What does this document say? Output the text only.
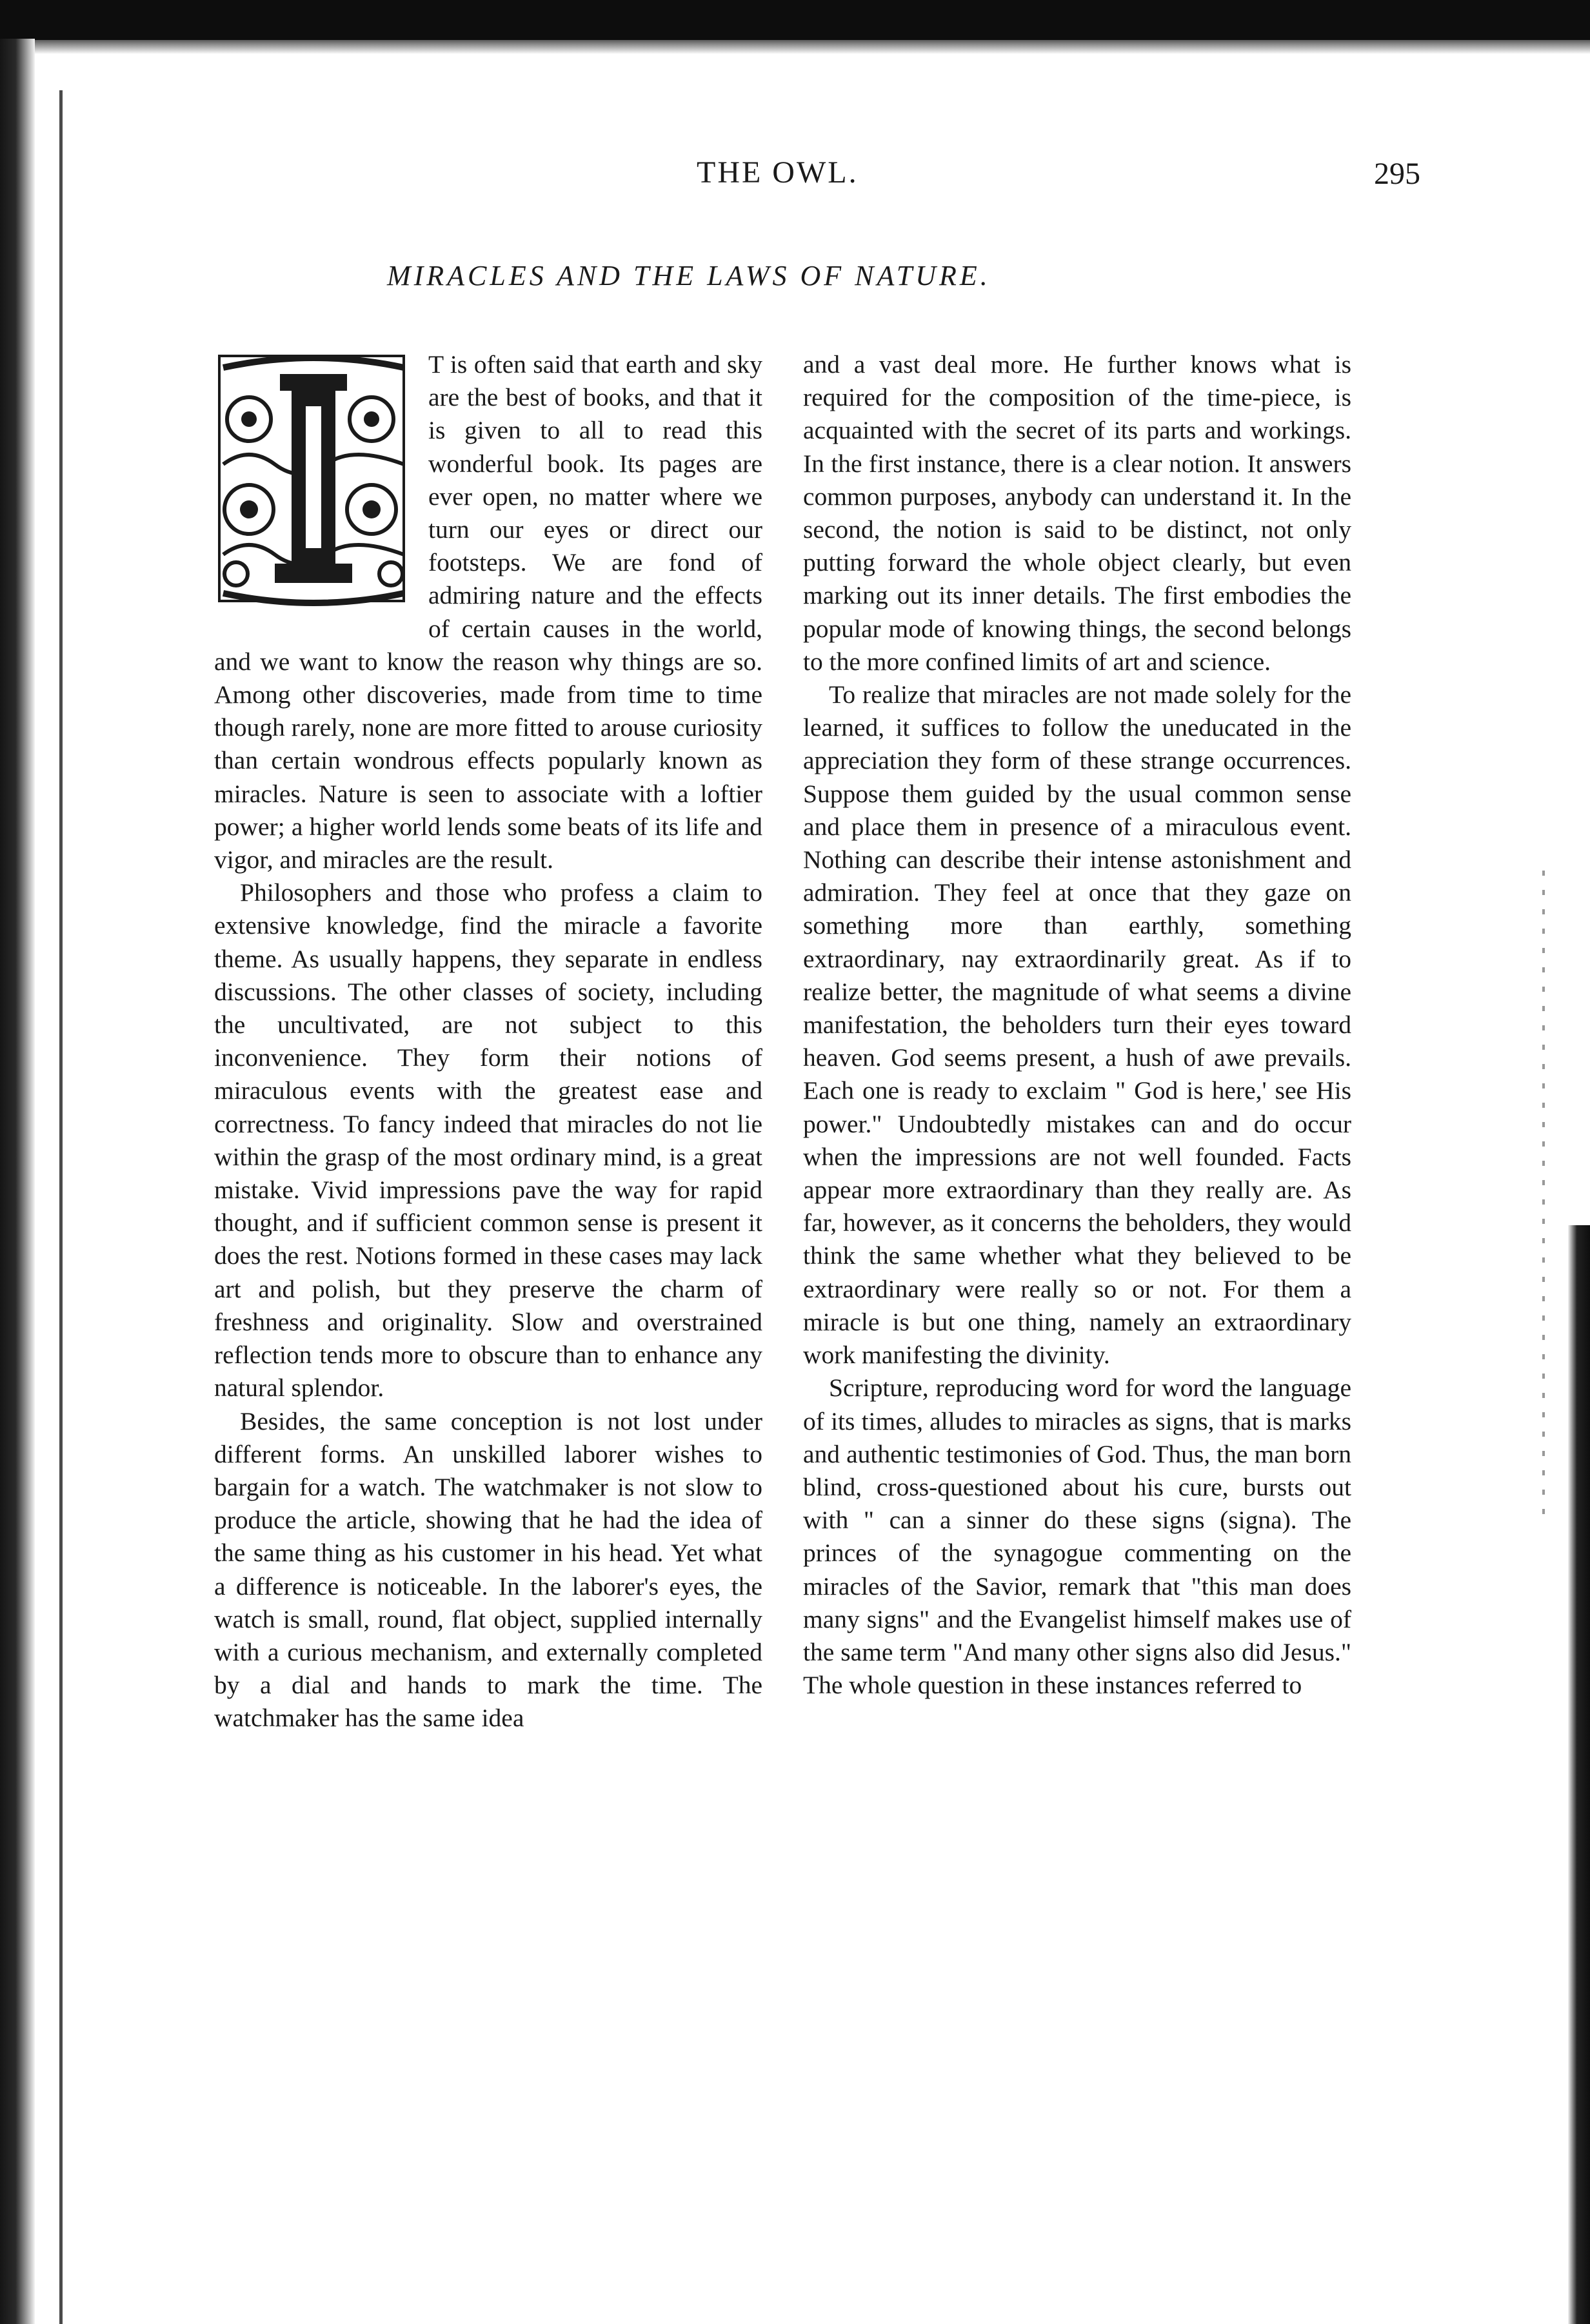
THE OWL.	295
MIRACLES AND THE LAWS OF NATURE.

T is often said that earth and sky are the best of books, and that it is given to all to read this wonderful book. Its pages are ever open, no matter where we turn our eyes or direct our footsteps. We are fond of admiring nature and the effects of certain causes in the world, and we want to know the reason why things are so. Among other discoveries, made from time to time though rarely, none are more fitted to arouse curiosity than certain wondrous effects popularly known as miracles. Nature is seen to associate with a loftier power; a higher world lends some beats of its life and vigor, and miracles are the result.

Philosophers and those who profess a claim to extensive knowledge, find the miracle a favorite theme. As usually happens, they separate in endless discussions. The other classes of society, including the uncultivated, are not subject to this inconvenience. They form their notions of miraculous events with the greatest ease and correctness. To fancy indeed that miracles do not lie within the grasp of the most ordinary mind, is a great mistake. Vivid impressions pave the way for rapid thought, and if sufficient common sense is present it does the rest. Notions formed in these cases may lack art and polish, but they preserve the charm of freshness and originality. Slow and overstrained reflection tends more to obscure than to enhance any natural splendor.

Besides, the same conception is not lost under different forms. An unskilled laborer wishes to bargain for a watch. The watchmaker is not slow to produce the article, showing that he had the idea of the same thing as his customer in his head. Yet what a difference is noticeable. In the laborer's eyes, the watch is small, round, flat object, supplied internally with a curious mechanism, and externally completed by a dial and hands to mark the time. The watchmaker has the same idea

and a vast deal more. He further knows what is required for the composition of the time-piece, is acquainted with the secret of its parts and workings. In the first instance, there is a clear notion. It answers common purposes, anybody can understand it. In the second, the notion is said to be distinct, not only putting forward the whole object clearly, but even marking out its inner details. The first embodies the popular mode of knowing things, the second belongs to the more confined limits of art and science.

To realize that miracles are not made solely for the learned, it suffices to follow the uneducated in the appreciation they form of these strange occurrences. Suppose them guided by the usual common sense and place them in presence of a miraculous event. Nothing can describe their intense astonishment and admiration. They feel at once that they gaze on something more than earthly, something extraordinary, nay extraordinarily great. As if to realize better, the magnitude of what seems a divine manifestation, the beholders turn their eyes toward heaven. God seems present, a hush of awe prevails. Each one is ready to exclaim " God is here,' see His power." Undoubtedly mistakes can and do occur when the impressions are not well founded. Facts appear more extraordinary than they really are. As far, however, as it concerns the beholders, they would think the same whether what they believed to be extraordinary were really so or not. For them a miracle is but one thing, namely an extraordinary work manifesting the divinity.

Scripture, reproducing word for word the language of its times, alludes to miracles as signs, that is marks and authentic testimonies of God. Thus, the man born blind, cross-questioned about his cure, bursts out with " can a sinner do these signs (signa). The princes of the synagogue commenting on the miracles of the Savior, remark that "this man does many signs" and the Evangelist himself makes use of the same term "And many other signs also did Jesus." The whole question in these instances referred to
